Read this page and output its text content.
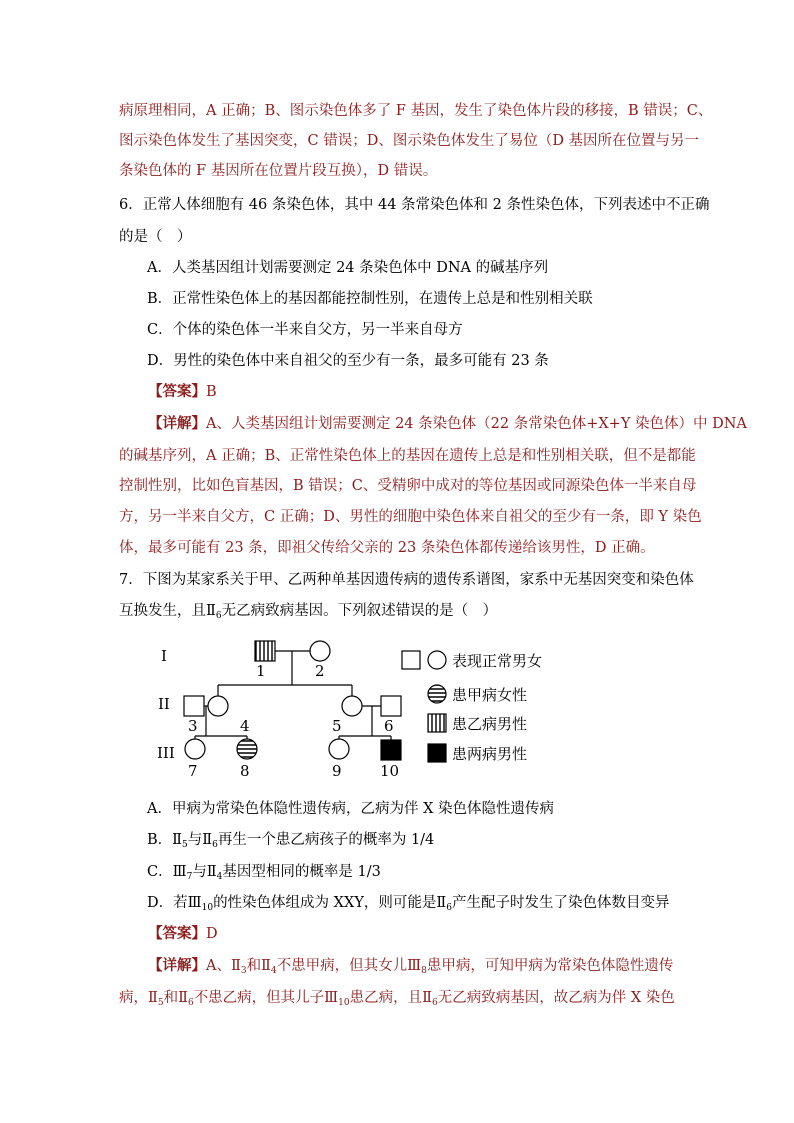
病原理相同，A 正确；B、图示染色体多了 F 基因，发生了染色体片段的移接，B 错误；C、
图示染色体发生了基因突变，C 错误；D、图示染色体发生了易位（D 基因所在位置与另一
条染色体的 F 基因所在位置片段互换），D 错误。
6．正常人体细胞有 46 条染色体，其中 44 条常染色体和 2 条性染色体，下列表述中不正确
的是（　）
A．人类基因组计划需要测定 24 条染色体中 DNA 的碱基序列
B．正常性染色体上的基因都能控制性别，在遗传上总是和性别相关联
C．个体的染色体一半来自父方，另一半来自母方
D．男性的染色体中来自祖父的至少有一条，最多可能有 23 条
【答案】B
【详解】A、人类基因组计划需要测定 24 条染色体（22 条常染色体+X+Y 染色体）中 DNA
的碱基序列，A 正确；B、正常性染色体上的基因在遗传上总是和性别相关联，但不是都能
控制性别，比如色盲基因，B 错误；C、受精卵中成对的等位基因或同源染色体一半来自母
方，另一半来自父方，C 正确；D、男性的细胞中染色体来自祖父的至少有一条，即 Y 染色
体，最多可能有 23 条，即祖父传给父亲的 23 条染色体都传递给该男性，D 正确。
7．下图为某家系关于甲、乙两种单基因遗传病的遗传系谱图，家系中无基因突变和染色体
互换发生，且$Ⅱ_6$无乙病致病基因。下列叙述错误的是（　）
I
II
III
1	2
3	4	5	6
7	8	9	10
表现正常男女
患甲病女性
患乙病男性
患两病男性
A．甲病为常染色体隐性遗传病，乙病为伴 X 染色体隐性遗传病
B．$Ⅱ_5$与$Ⅱ_6$再生一个患乙病孩子的概率为 1/4
C．$Ⅲ_7$与$Ⅱ_4$基因型相同的概率是 1/3
D．若$Ⅲ_{10}$的性染色体组成为 XXY，则可能是$Ⅱ_6$产生配子时发生了染色体数目变异
【答案】D
【详解】A、$Ⅱ_3$和$Ⅱ_4$不患甲病，但其女儿$Ⅲ_8$患甲病，可知甲病为常染色体隐性遗传
病，$Ⅱ_5$和$Ⅱ_6$不患乙病，但其儿子$Ⅲ_{10}$患乙病，且$Ⅱ_6$无乙病致病基因，故乙病为伴 X 染色
